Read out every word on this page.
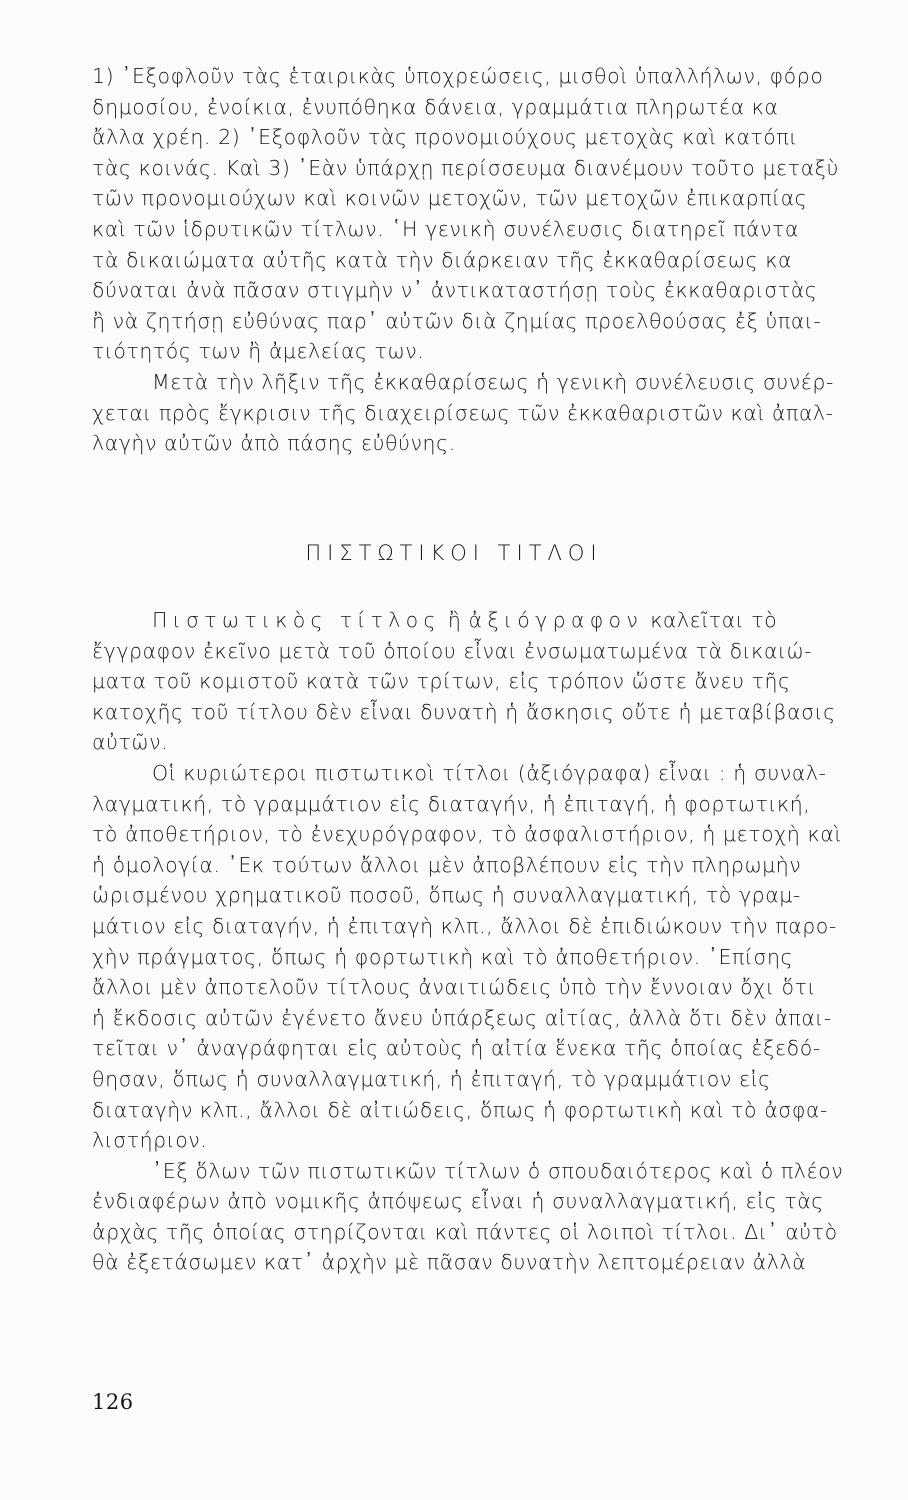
1) ᾿Εξοφλοῦν τὰς ἑταιρικὰς ὑποχρεώσεις, μισθοὶ ὑπαλλήλων, φόρο
δημοσίου, ἐνοίκια, ἐνυπόθηκα δάνεια, γραμμάτια πληρωτέα κα
ἄλλα χρέη. 2) ᾿Εξοφλοῦν τὰς προνομιούχους μετοχὰς καὶ κατόπι
τὰς κοινάς. Καὶ 3) ᾿Εὰν ὑπάρχῃ περίσσευμα διανέμουν τοῦτο μεταξὺ
τῶν προνομιούχων καὶ κοινῶν μετοχῶν, τῶν μετοχῶν ἐπικαρπίας
καὶ τῶν ἱδρυτικῶν τίτλων. ῾Η γενικὴ συνέλευσις διατηρεῖ πάντα
τὰ δικαιώματα αὐτῆς κατὰ τὴν διάρκειαν τῆς ἐκκαθαρίσεως κα
δύναται ἀνὰ πᾶσαν στιγμὴν ν᾿ ἀντικαταστήσῃ τοὺς ἐκκαθαριστὰς
ἢ νὰ ζητήσῃ εὐθύνας παρ᾿ αὐτῶν διὰ ζημίας προελθούσας ἐξ ὑπαι-
τιότητός των ἢ ἀμελείας των.
Μετὰ τὴν λῆξιν τῆς ἐκκαθαρίσεως ἡ γενικὴ συνέλευσις συνέρ-
χεται πρὸς ἔγκρισιν τῆς διαχειρίσεως τῶν ἐκκαθαριστῶν καὶ ἀπαλ-
λαγὴν αὐτῶν ἀπὸ πάσης εὐθύνης.
ΠΙΣΤΩΤΙΚΟΙ ΤΙΤΛΟΙ
Πιστωτικὸς τίτλος ἢ ἀξιόγραφον καλεῖται τὸ
ἔγγραφον ἐκεῖνο μετὰ τοῦ ὁποίου εἶναι ἐνσωματωμένα τὰ δικαιώ-
ματα τοῦ κομιστοῦ κατὰ τῶν τρίτων, εἰς τρόπον ὥστε ἄνευ τῆς
κατοχῆς τοῦ τίτλου δὲν εἶναι δυνατὴ ἡ ἄσκησις οὔτε ἡ μεταβίβασις
αὐτῶν.
Οἱ κυριώτεροι πιστωτικοὶ τίτλοι (ἀξιόγραφα) εἶναι : ἡ συναλ-
λαγματική, τὸ γραμμάτιον εἰς διαταγήν, ἡ ἐπιταγή, ἡ φορτωτική,
τὸ ἀποθετήριον, τὸ ἐνεχυρόγραφον, τὸ ἀσφαλιστήριον, ἡ μετοχὴ καὶ
ἡ ὁμολογία. ᾿Εκ τούτων ἄλλοι μὲν ἀποβλέπουν εἰς τὴν πληρωμὴν
ὡρισμένου χρηματικοῦ ποσοῦ, ὅπως ἡ συναλλαγματική, τὸ γραμ-
μάτιον εἰς διαταγήν, ἡ ἐπιταγὴ κλπ., ἄλλοι δὲ ἐπιδιώκουν τὴν παρο-
χὴν πράγματος, ὅπως ἡ φορτωτικὴ καὶ τὸ ἀποθετήριον. ᾿Επίσης
ἄλλοι μὲν ἀποτελοῦν τίτλους ἀναιτιώδεις ὑπὸ τὴν ἔννοιαν ὄχι ὅτι
ἡ ἔκδοσις αὐτῶν ἐγένετο ἄνευ ὑπάρξεως αἰτίας, ἀλλὰ ὅτι δὲν ἀπαι-
τεῖται ν᾿ ἀναγράφηται εἰς αὐτοὺς ἡ αἰτία ἕνεκα τῆς ὁποίας ἐξεδό-
θησαν, ὅπως ἡ συναλλαγματική, ἡ ἐπιταγή, τὸ γραμμάτιον εἰς
διαταγὴν κλπ., ἄλλοι δὲ αἰτιώδεις, ὅπως ἡ φορτωτικὴ καὶ τὸ ἀσφα-
λιστήριον.
᾿Εξ ὅλων τῶν πιστωτικῶν τίτλων ὁ σπουδαιότερος καὶ ὁ πλέον
ἐνδιαφέρων ἀπὸ νομικῆς ἀπόψεως εἶναι ἡ συναλλαγματική, εἰς τὰς
ἀρχὰς τῆς ὁποίας στηρίζονται καὶ πάντες οἱ λοιποὶ τίτλοι. Δι᾿ αὐτὸ
θὰ ἐξετάσωμεν κατ᾿ ἀρχὴν μὲ πᾶσαν δυνατὴν λεπτομέρειαν ἀλλὰ
126
